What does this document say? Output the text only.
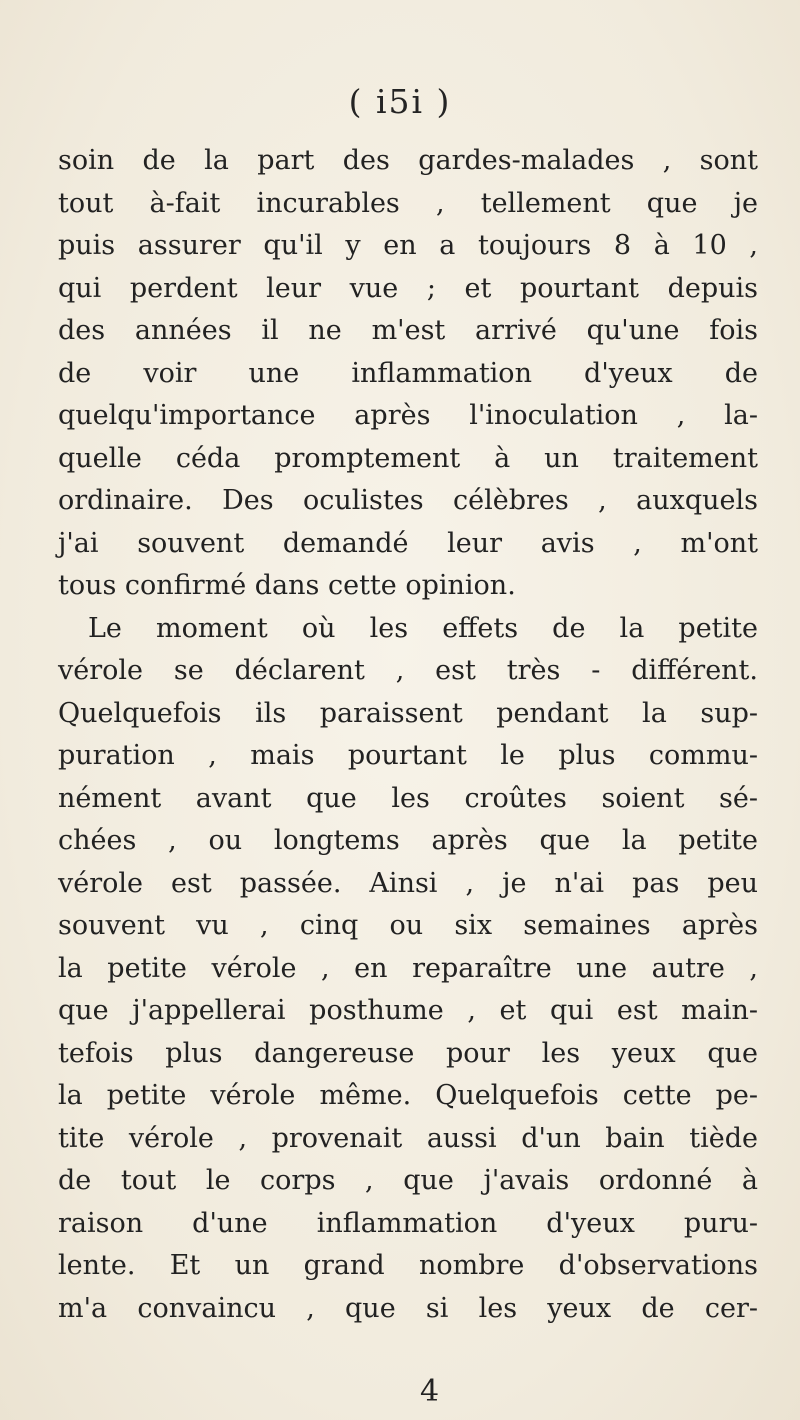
( i5i )
soin de la part des gardes-malades , sont
tout à-fait incurables , tellement que je
puis assurer qu'il y en a toujours 8 à 10 ,
qui perdent leur vue ; et pourtant depuis
des années il ne m'est arrivé qu'une fois
de voir une inflammation d'yeux de
quelqu'importance après l'inoculation , la-
quelle céda promptement à un traitement
ordinaire. Des oculistes célèbres , auxquels
j'ai souvent demandé leur avis , m'ont
tous confirmé dans cette opinion.
Le moment où les effets de la petite
vérole se déclarent , est très - différent.
Quelquefois ils paraissent pendant la sup-
puration , mais pourtant le plus commu-
nément avant que les croûtes soient sé-
chées , ou longtems après que la petite
vérole est passée. Ainsi , je n'ai pas peu
souvent vu , cinq ou six semaines après
la petite vérole , en reparaître une autre ,
que j'appellerai posthume , et qui est main-
tefois plus dangereuse pour les yeux que
la petite vérole même. Quelquefois cette pe-
tite vérole , provenait aussi d'un bain tiède
de tout le corps , que j'avais ordonné à
raison d'une inflammation d'yeux puru-
lente. Et un grand nombre d'observations
m'a convaincu , que si les yeux de cer-
4
